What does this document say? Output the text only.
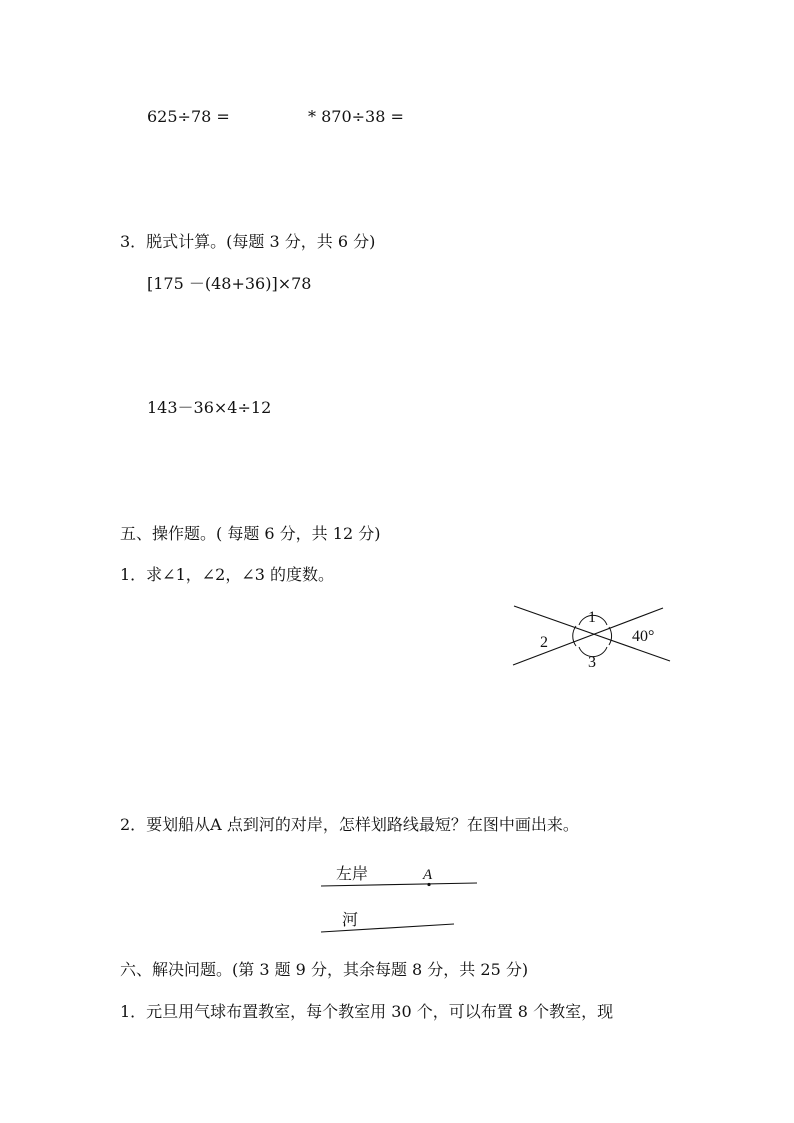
625÷78 =	* 870÷38 =
3．脱式计算。(每题 3 分，共 6 分)
[175 －(48+36)]×78
143－36×4÷12
五、操作题。( 每题 6 分，共 12 分)
1．求∠1，∠2，∠3 的度数。
1
2
3
40°
2．要划船从A 点到河的对岸，怎样划路线最短？在图中画出来。
左岸	A
河
六、解决问题。(第 3 题 9 分，其余每题 8 分，共 25 分)
1．元旦用气球布置教室，每个教室用 30 个，可以布置 8 个教室，现
